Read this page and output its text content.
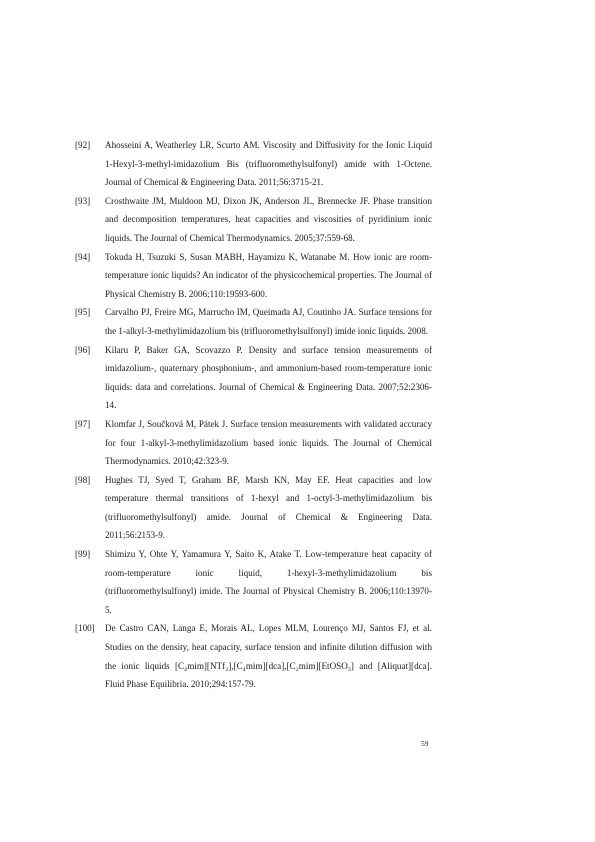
[92] Ahosseini A, Weatherley LR, Scurto AM. Viscosity and Diffusivity for the Ionic Liquid 1-Hexyl-3-methyl-imidazolium Bis (trifluoromethylsulfonyl) amide with 1-Octene. Journal of Chemical & Engineering Data. 2011;56:3715-21.
[93] Crosthwaite JM, Muldoon MJ, Dixon JK, Anderson JL, Brennecke JF. Phase transition and decomposition temperatures, heat capacities and viscosities of pyridinium ionic liquids. The Journal of Chemical Thermodynamics. 2005;37:559-68.
[94] Tokuda H, Tsuzuki S, Susan MABH, Hayamizu K, Watanabe M. How ionic are room-temperature ionic liquids? An indicator of the physicochemical properties. The Journal of Physical Chemistry B. 2006;110:19593-600.
[95] Carvalho PJ, Freire MG, Marrucho IM, Queimada AJ, Coutinho JA. Surface tensions for the 1-alkyl-3-methylimidazolium bis (trifluoromethylsulfonyl) imide ionic liquids. 2008.
[96] Kilaru P, Baker GA, Scovazzo P. Density and surface tension measurements of imidazolium-, quaternary phosphonium-, and ammonium-based room-temperature ionic liquids: data and correlations. Journal of Chemical & Engineering Data. 2007;52:2306-14.
[97] Klomfar J, Součková M, Pátek J. Surface tension measurements with validated accuracy for four 1-alkyl-3-methylimidazolium based ionic liquids. The Journal of Chemical Thermodynamics. 2010;42:323-9.
[98] Hughes TJ, Syed T, Graham BF, Marsh KN, May EF. Heat capacities and low temperature thermal transitions of 1-hexyl and 1-octyl-3-methylimidazolium bis (trifluoromethylsulfonyl) amide. Journal of Chemical & Engineering Data. 2011;56:2153-9.
[99] Shimizu Y, Ohte Y, Yamamura Y, Saito K, Atake T. Low-temperature heat capacity of room-temperature ionic liquid, 1-hexyl-3-methylimidazolium bis (trifluoromethylsulfonyl) imide. The Journal of Physical Chemistry B. 2006;110:13970-5.
[100] De Castro CAN, Langa E, Morais AL, Lopes MLM, Lourenço MJ, Santos FJ, et al. Studies on the density, heat capacity, surface tension and infinite dilution diffusion with the ionic liquids [C₄mim][NTf₂],[C₄mim][dca],[C₂mim][EtOSO₃] and [Aliquat][dca]. Fluid Phase Equilibria. 2010;294:157-79.
59
